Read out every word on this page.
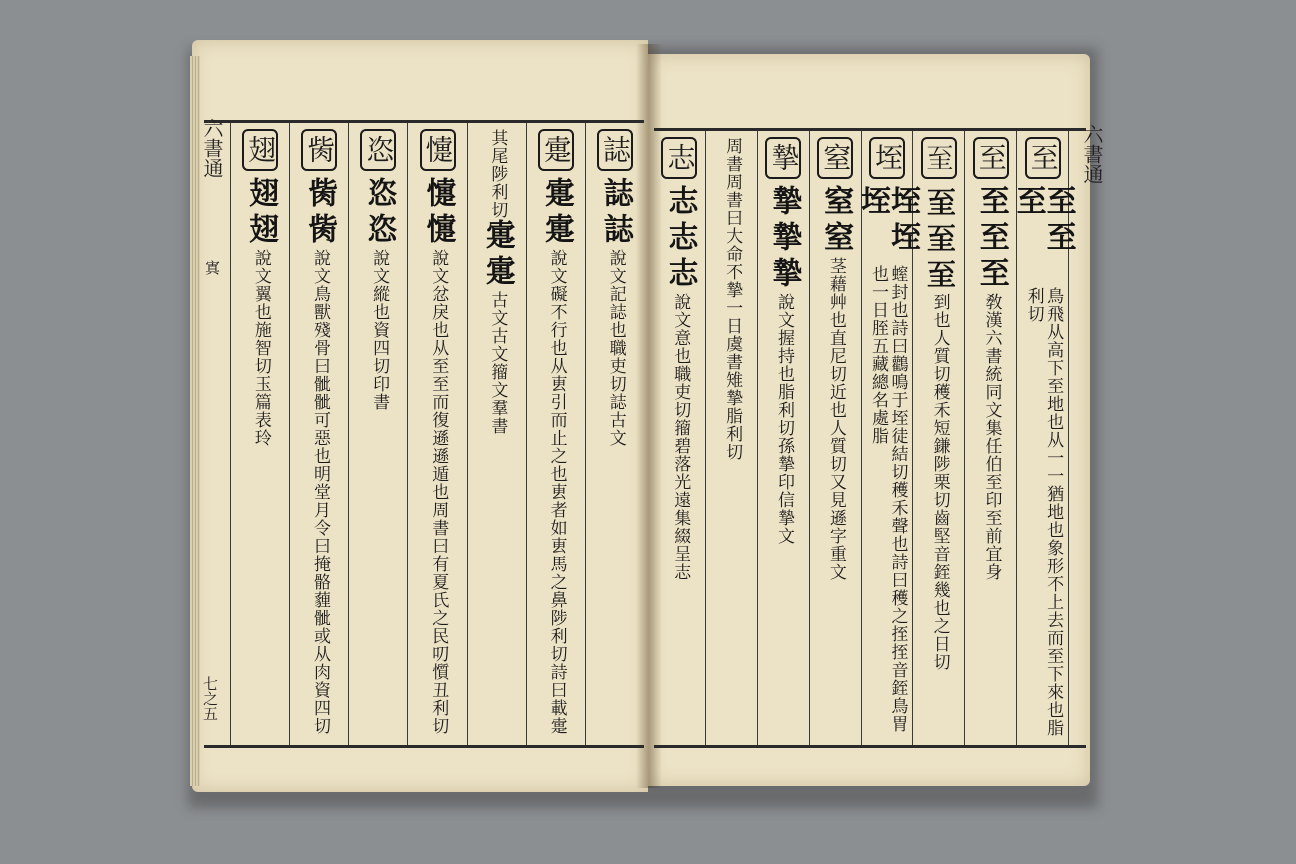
誌
誌誌
說文記誌也職吏切誌古文
疐
疐疐
說文礙不行也从叀引而止之也叀者如叀馬之鼻陟利切詩曰載疐
其尾陟利切
疐疐
古文古文籀文羣書
懥
懥懥
說文忿戾也从至至而復遜遜遁也周書曰有夏氏之民叨懫丑利切
恣
恣恣
說文縱也資四切印書
胔
胔胔
說文鳥獸殘骨曰骴骴可惡也明堂月令曰掩骼薶骴或从肉資四切
翅
翅翅
說文翼也施智切玉篇表玲
六書通
寘
七之五
至
至至至
鳥飛从高下至地也从一一猶地也象形不上去而至下來也脂利切
至
至至至
敎漢六書統同文集任伯至印至前宜身
𦤳
𦤳𦤳𦤳
到也人質切穫禾短鎌陟栗切齒堅音銍幾也之日切
垤
垤垤垤
螲封也詩曰鸛鳴于垤徒結切穫禾聲也詩曰穫之挃挃音銍鳥胃也一日胵五藏總名處脂
窒
窒窒
茎藉艸也直尼切近也人質切又見遜字重文
摯
摯摯摯
說文握持也脂利切孫摯印信摯文
周書
周書曰大命不摯一日虞書雉摯脂利切
志
志志志
說文意也職吏切籀碧落光遠集綴呈志
六書通
